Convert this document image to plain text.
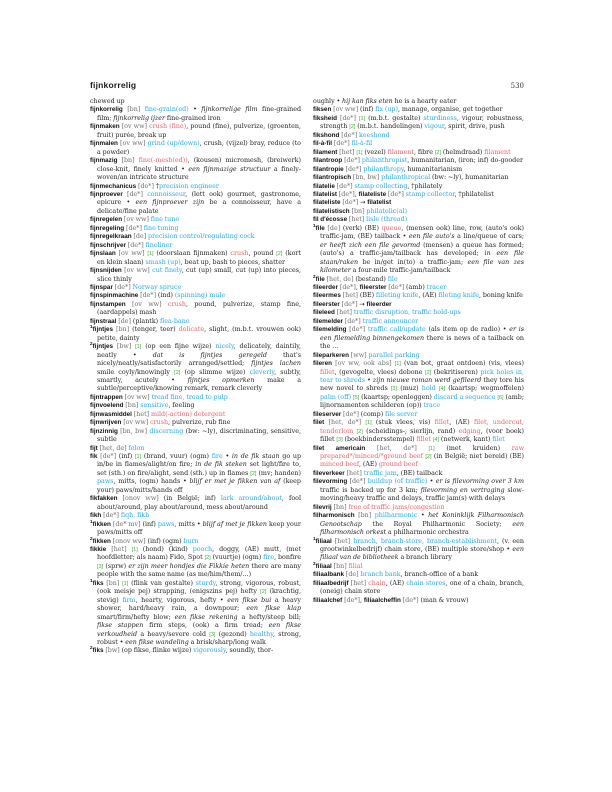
fijnkorrelig	530

chewed up

fijnkorrelig [bn] fine-grain(ed) • fijnkorrelige film fine-grained film; fijnkorrelig ijzer fine-grained iron

fijnmaken [ov ww] crush (fine), pound (fine), pulverize, (groenten, fruit) purée, break up

fijnmalen [ov ww] grind (up/down), crush, (vijzel) bray, reduce (to a powder)

fijnmazig [bn] fine(-mesh(ed)), (kousen) micromesh, (breiwerk) close-knit, finely knitted • een fijnmazige structuur a finely-woven/an intricate structure

fijnmechanicus [de*] †precision engineer

fijnproever [de*] connoisseur, (lett ook) gourmet, gastronome, epicure • een fijnproever zijn be a connoisseur, have a delicate/fine palate

fijnregelen [ov ww] fine tune

fijnregeling [de*] fine tuning

fijnregelkraan [de] precision control/regulating cock

fijnschrijver [de*] fineliner

fijnslaan [ov ww] [1] (doorslaan fijnmaken) crush, pound [2] (kort en klein slaan) smash (up), beat up, bash to pieces, shatter

fijnsnijden [ov ww] cut finely, cut (up) small, cut (up) into pieces, slice thinly

fijnspar [de*] Norway spruce

fijnspinmachine [de*] (ind) (spinning) mule

fijnstampen [ov ww] crush, pound, pulverize, stamp fine, (aardappels) mash

fijnstraal [de] (plantk) flea-bane

$^1$fijntjes [bn] (tenger, teer) delicate, slight, (m.b.t. vrouwen ook) petite, dainty

$^2$fijntjes [bw] [1] (op een fijne wijze) nicely, delicately, daintily, neatly • dat is fijntjes geregeld that's nicely/neatly/satisfactorily arranged/settled; fijntjes lachen smile coyly/knowingly [2] (op slimme wijze) cleverly, subtly, smartly, acutely • fijntjes opmerken make a subtle/perceptive/knowing remark, remark cleverly

fijntrappen [ov ww] tread fine, tread to pulp

fijnvoelend [bn] sensitive, feeling

fijnwasmiddel [het] mild(-action) detergent

fijnwrijven [ov ww] crush, pulverize, rub fine

fijnzinnig [bn, bw] discerning (bw: ~ly), discriminating, sensitive, subtle

fijt [het, de] felon

fik [de*] (inf) [1] (brand, vuur) (ogm) fire • in de fik staan go up in/be in flames/alight/on fire; in de fik steken set light/fire to, set (sth.) on fire/alight, send (sth.) up in flames [2] (mv; handen) paws, mitts, (ogm) hands • blijf er met je fikken van af (keep your) paws/mitts/hands off

fikfakken [onov ww] (in België; inf) lark around/about, fool about/around, play about/around, mess about/around

fikh [de*] fiqh, fikh

$^1$fikken [de* mv] (inf) paws, mitts • blijf af met je fikken keep your paws/mitts off

$^2$fikken [onov ww] (inf) (ogm) burn

fikkie [het] [1] (hond) (kind) pooch, doggy, (AE) mutt, (met hoofdletter; als naam) Fido, Spot [2] (vuurtje) (ogm) fire, bonfire [3] (sprw) er zijn meer hondjes die Fikkie heten there are many people with the same name (as me/him/them/...)

$^1$fiks [bn] [1] (flink van gestalte) sturdy, strong, vigorous, robust, (ook meisje pej) strapping, (enigszins pej) hefty [2] (krachtig, stevig) firm, hearty, vigorous, hefty • een fikse bui a heavy shower, hard/heavy rain, a downpour; een fikse klap smart/firm/hefty blow; een fikse rekening a hefty/steep bill; fikse stappen firm steps, (ook) a firm tread; een fikse verkoudheid a heavy/severe cold [3] (gezond) healthy, strong, robust • een fikse wandeling a brisk/sharp/long walk

$^2$fiks [bw] (op fikse, flinke wijze) vigorously, soundly, thor-

oughly • hij kan fiks eten he is a hearty eater

fiksen [ov ww] (inf) fix (up), manage, organise, get together

fiksheid [de*] [1] (m.b.t. gestalte) sturdiness, vigour, robustness, strength [2] (m.b.t. handelingen) vigour, spirit, drive, push

fikshond [de*] keeshond

fil-à-fil [de*] fil-à-fil

filament [het] [1] (vezel) filament, fibre [2] (helmdraad) filament

filantroop [de*] philanthropist, humanitarian, (iron; inf) do-gooder

filantropie [de*] philanthropy, humanitarianism

filantropisch [bn, bw] philanthropical (bw: ~ly), humanitarian

filatelie [de*] stamp collecting, †philately

filatelist [de*], filateliste [de*] stamp collector, †philatelist

filateliste [de*] → filatelist

filatelistisch [bn] philatelic(al)

fil d'écosse [het] lisle (thread)

$^1$file [de] (verk) (BE) queue, (mensen ook) line, row, (auto's ook) traffic-jam, (BE) tailback • een file auto's a line/queue of cars; er heeft zich een file gevormd (mensen) a queue has formed; (auto's) a traffic-jam/tailback has developed; in een file staan/raken be in/get in(to) a traffic-jam; een file van zes kilometer a four-mile traffic-jam/tailback

$^2$file [het, de] (bestand) file

fileerder [de*], fileerster [de*] (amb) tracer

fileermes [het] (BE) filleting knife, (AE) fileting knife, boning knife

fileerster [de*] → fileerder

fileleed [het] traffic disruption, traffic hold-ups

filemelder [de*] traffic announcer

filemelding [de*] traffic call/update (als item op de radio) • er is een filemelding binnengekomen there is news of a tailback on the ...

fileparkeren [ww] parallel parking

fileren [ov ww, ook abs] [1] (van bot, graat ontdoen) (vis, vlees) fillet, (gevogelte, vlees) debone [2] (bekritiseren) pick holes in, tear to shreds • zijn nieuwe roman werd gefileerd they tore his new novel to shreds [3] (muz) hold [4] (kaartsp; wegmoffelen) palm (off) [5] (kaartsp; openleggen) discard a sequence [6] (amb; lijnornamenten schilderen (op)) trace

fileserver [de*] (comp) file server

filet [het, de*] [1] (stuk vlees, vis) fillet, (AE) filet, undercut, tenderloin [2] (scheidings-, sierlijn, rand) edging, (voor boek) fillet [3] (boekbindersstempel) fillet [4] (netwerk, kant) filet

filet americain [het, de*] [1] (met kruiden) raw prepared*/minced/*ground beef [2] (in België; niet bereid) (BE) minced beef, (AE) ground beef

fileverkeer [het] traffic jam, (BE) tailback

filevorming [de*] buildup (of traffic) • er is filevorming over 3 km traffic is backed up for 3 km; filevorming en vertraging slow-moving/heavy traffic and delays, traffic jam(s) with delays

filevrij [bn] free of traffic jams/congestion

filharmonisch [bn] philharmonic • het Koninklijk Filharmonisch Genootschap the Royal Philharmonic Society; een filharmonisch orkest a philharmonic orchestra

$^1$filiaal [het] branch, branch-store, branch-establishment, (v. een grootwinkelbedrijf) chain store, (BE) multiple store/shop • een filiaal van de bibliotheek a branch library

$^2$filiaal [bn] filial

filiaalbank [de] branch bank, branch-office of a bank

filiaalbedrijf [het] chain, (AE) chain stores, one of a chain, branch, (oneig) chain store

filiaalchef [de*], filiaalcheffin [de*] (man & vrouw)
